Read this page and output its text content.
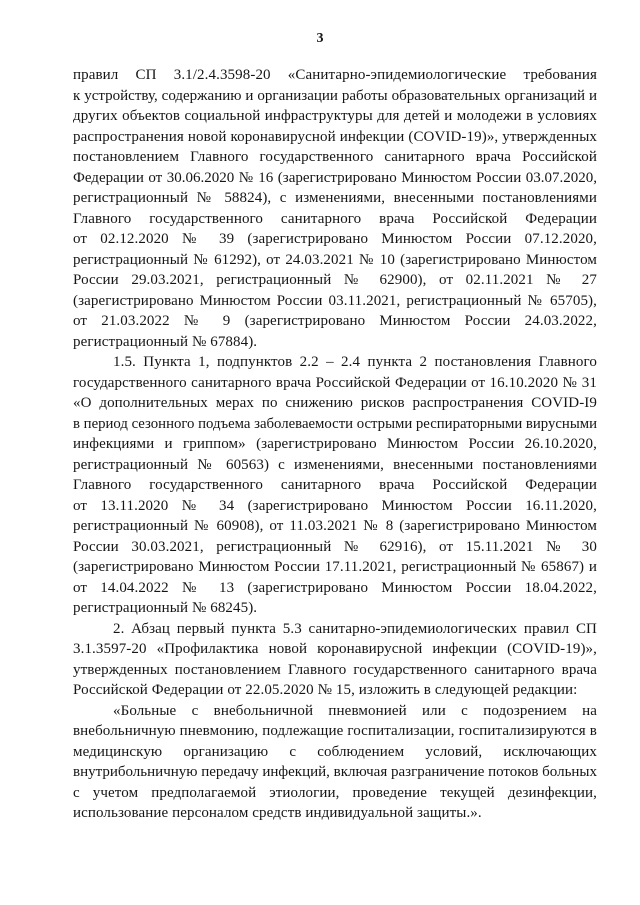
3
правил СП 3.1/2.4.3598-20 «Санитарно-эпидемиологические требования
к устройству, содержанию и организации работы образовательных организаций и
других объектов социальной инфраструктуры для детей и молодежи в условиях
распространения новой коронавирусной инфекции (COVID-19)», утвержденных
постановлением Главного государственного санитарного врача Российской
Федерации от 30.06.2020 № 16 (зарегистрировано Минюстом России 03.07.2020,
регистрационный № 58824), с изменениями, внесенными постановлениями
Главного государственного санитарного врача Российской Федерации
от 02.12.2020 № 39 (зарегистрировано Минюстом России 07.12.2020,
регистрационный № 61292), от 24.03.2021 № 10 (зарегистрировано Минюстом
России 29.03.2021, регистрационный № 62900), от 02.11.2021 № 27
(зарегистрировано Минюстом России 03.11.2021, регистрационный № 65705),
от 21.03.2022 № 9 (зарегистрировано Минюстом России 24.03.2022,
регистрационный № 67884).
1.5. Пункта 1, подпунктов 2.2 – 2.4 пункта 2 постановления Главного
государственного санитарного врача Российской Федерации от 16.10.2020 № 31
«О дополнительных мерах по снижению рисков распространения COVID-I9
в период сезонного подъема заболеваемости острыми респираторными вирусными
инфекциями и гриппом» (зарегистрировано Минюстом России 26.10.2020,
регистрационный № 60563) с изменениями, внесенными постановлениями
Главного государственного санитарного врача Российской Федерации
от 13.11.2020 № 34 (зарегистрировано Минюстом России 16.11.2020,
регистрационный № 60908), от 11.03.2021 № 8 (зарегистрировано Минюстом
России 30.03.2021, регистрационный № 62916), от 15.11.2021 № 30
(зарегистрировано Минюстом России 17.11.2021, регистрационный № 65867) и
от 14.04.2022 № 13 (зарегистрировано Минюстом России 18.04.2022,
регистрационный № 68245).
2. Абзац первый пункта 5.3 санитарно-эпидемиологических правил СП
3.1.3597-20 «Профилактика новой коронавирусной инфекции (COVID-19)»,
утвержденных постановлением Главного государственного санитарного врача
Российской Федерации от 22.05.2020 № 15, изложить в следующей редакции:
«Больные с внебольничной пневмонией или с подозрением на
внебольничную пневмонию, подлежащие госпитализации, госпитализируются в
медицинскую организацию с соблюдением условий, исключающих
внутрибольничную передачу инфекций, включая разграничение потоков больных
с учетом предполагаемой этиологии, проведение текущей дезинфекции,
использование персоналом средств индивидуальной защиты.».
